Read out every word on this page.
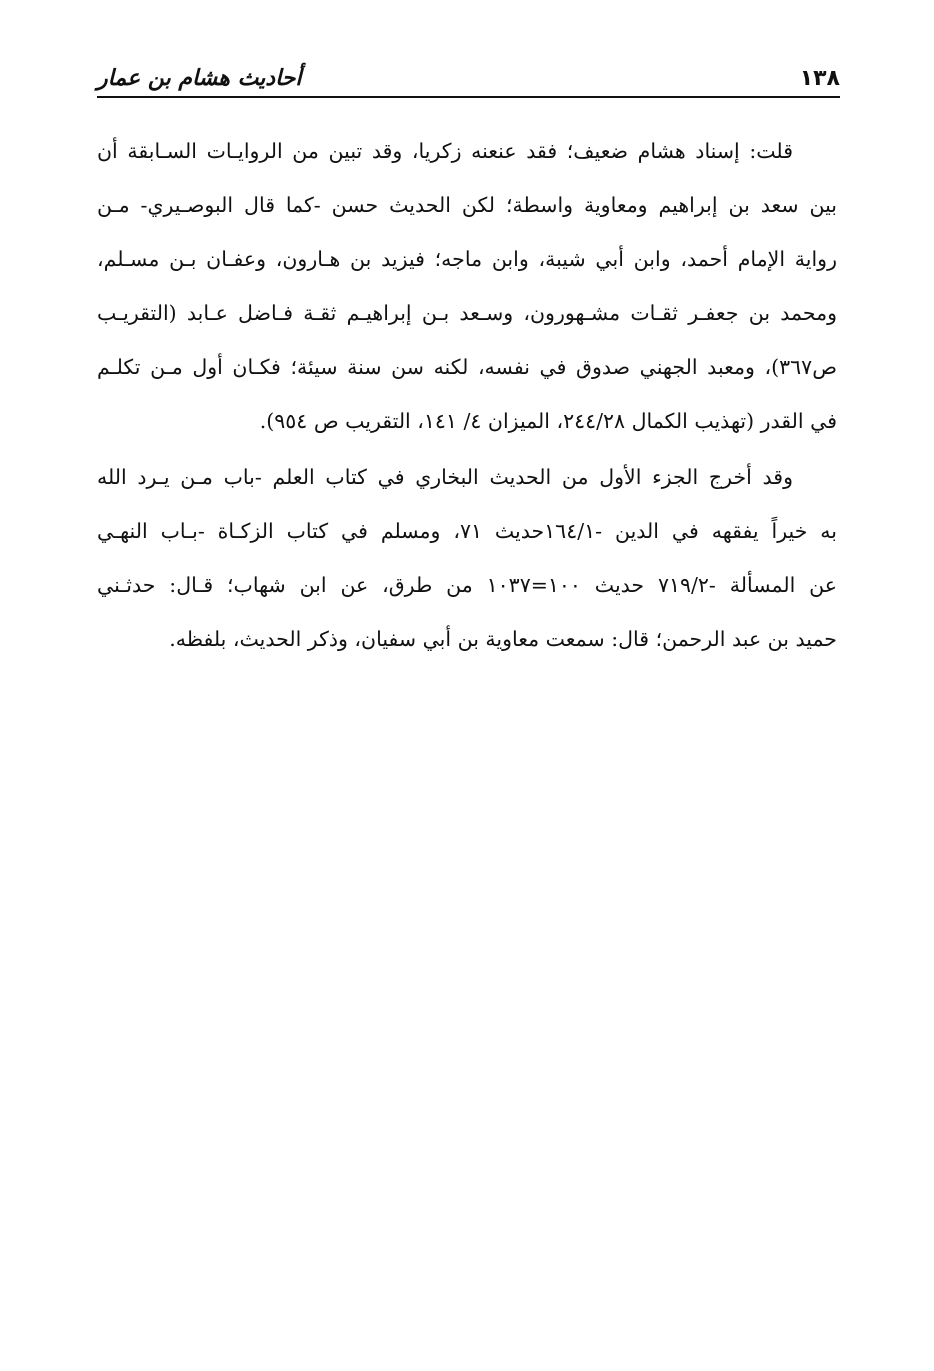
١٣٨
أحاديث هشام بن عمار
قلت: إسناد هشام ضعيف؛ فقد عنعنه زكريا، وقد تبين من الروايـات السـابقة أن
بين سعد بن إبراهيم ومعاوية واسطة؛ لكن الحديث حسن -كما قال البوصـيري- مـن
رواية الإمام أحمد، وابن أبي شيبة، وابن ماجه؛ فيزيد بن هـارون، وعفـان بـن مسـلم،
ومحمد بن جعفـر ثقـات مشـهورون، وسـعد بـن إبراهيـم ثقـة فـاضل عـابد (التقريـب
ص٣٦٧)، ومعبد الجهني صدوق في نفسه، لكنه سن سنة سيئة؛ فكـان أول مـن تكلـم
في القدر (تهذيب الكمال ٢٤٤/٢٨، الميزان ٤/ ١٤١، التقريب ص ٩٥٤).
وقد أخرج الجزء الأول من الحديث البخاري في كتاب العلم -باب مـن يـرد الله
به خيراً يفقهه في الدين -١٦٤/١حديث ٧١، ومسلم في كتاب الزكـاة -بـاب النهـي
عن المسألة -٧١٩/٢ حديث ١٠٠=١٠٣٧ من طرق، عن ابن شهاب؛ قـال: حدثـني
حميد بن عبد الرحمن؛ قال: سمعت معاوية بن أبي سفيان، وذكر الحديث، بلفظه.
